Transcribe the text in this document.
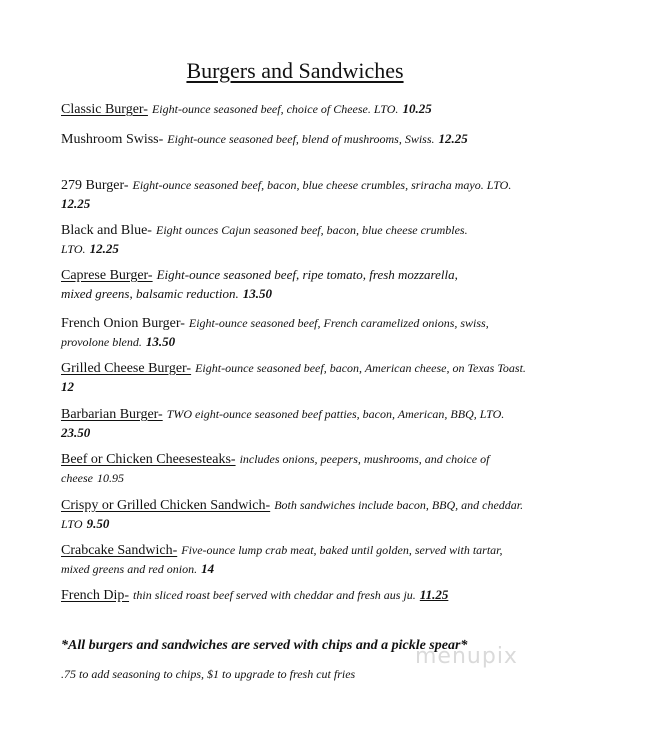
Burgers and Sandwiches
Classic Burger- Eight-ounce seasoned beef, choice of Cheese. LTO. 10.25
Mushroom Swiss- Eight-ounce seasoned beef, blend of mushrooms, Swiss. 12.25
279 Burger- Eight-ounce seasoned beef, bacon, blue cheese crumbles, sriracha mayo. LTO. 12.25
Black and Blue- Eight ounces Cajun seasoned beef, bacon, blue cheese crumbles. LTO. 12.25
Caprese Burger- Eight-ounce seasoned beef, ripe tomato, fresh mozzarella, mixed greens, balsamic reduction. 13.50
French Onion Burger- Eight-ounce seasoned beef, French caramelized onions, swiss, provolone blend. 13.50
Grilled Cheese Burger- Eight-ounce seasoned beef, bacon, American cheese, on Texas Toast. 12
Barbarian Burger- TWO eight-ounce seasoned beef patties, bacon, American, BBQ, LTO. 23.50
Beef or Chicken Cheesesteaks- includes onions, peepers, mushrooms, and choice of cheese 10.95
Crispy or Grilled Chicken Sandwich- Both sandwiches include bacon, BBQ, and cheddar. LTO 9.50
Crabcake Sandwich- Five-ounce lump crab meat, baked until golden, served with tartar, mixed greens and red onion. 14
French Dip- thin sliced roast beef served with cheddar and fresh aus ju. 11.25
*All burgers and sandwiches are served with chips and a pickle spear*
menupix
.75 to add seasoning to chips, $1 to upgrade to fresh cut fries
